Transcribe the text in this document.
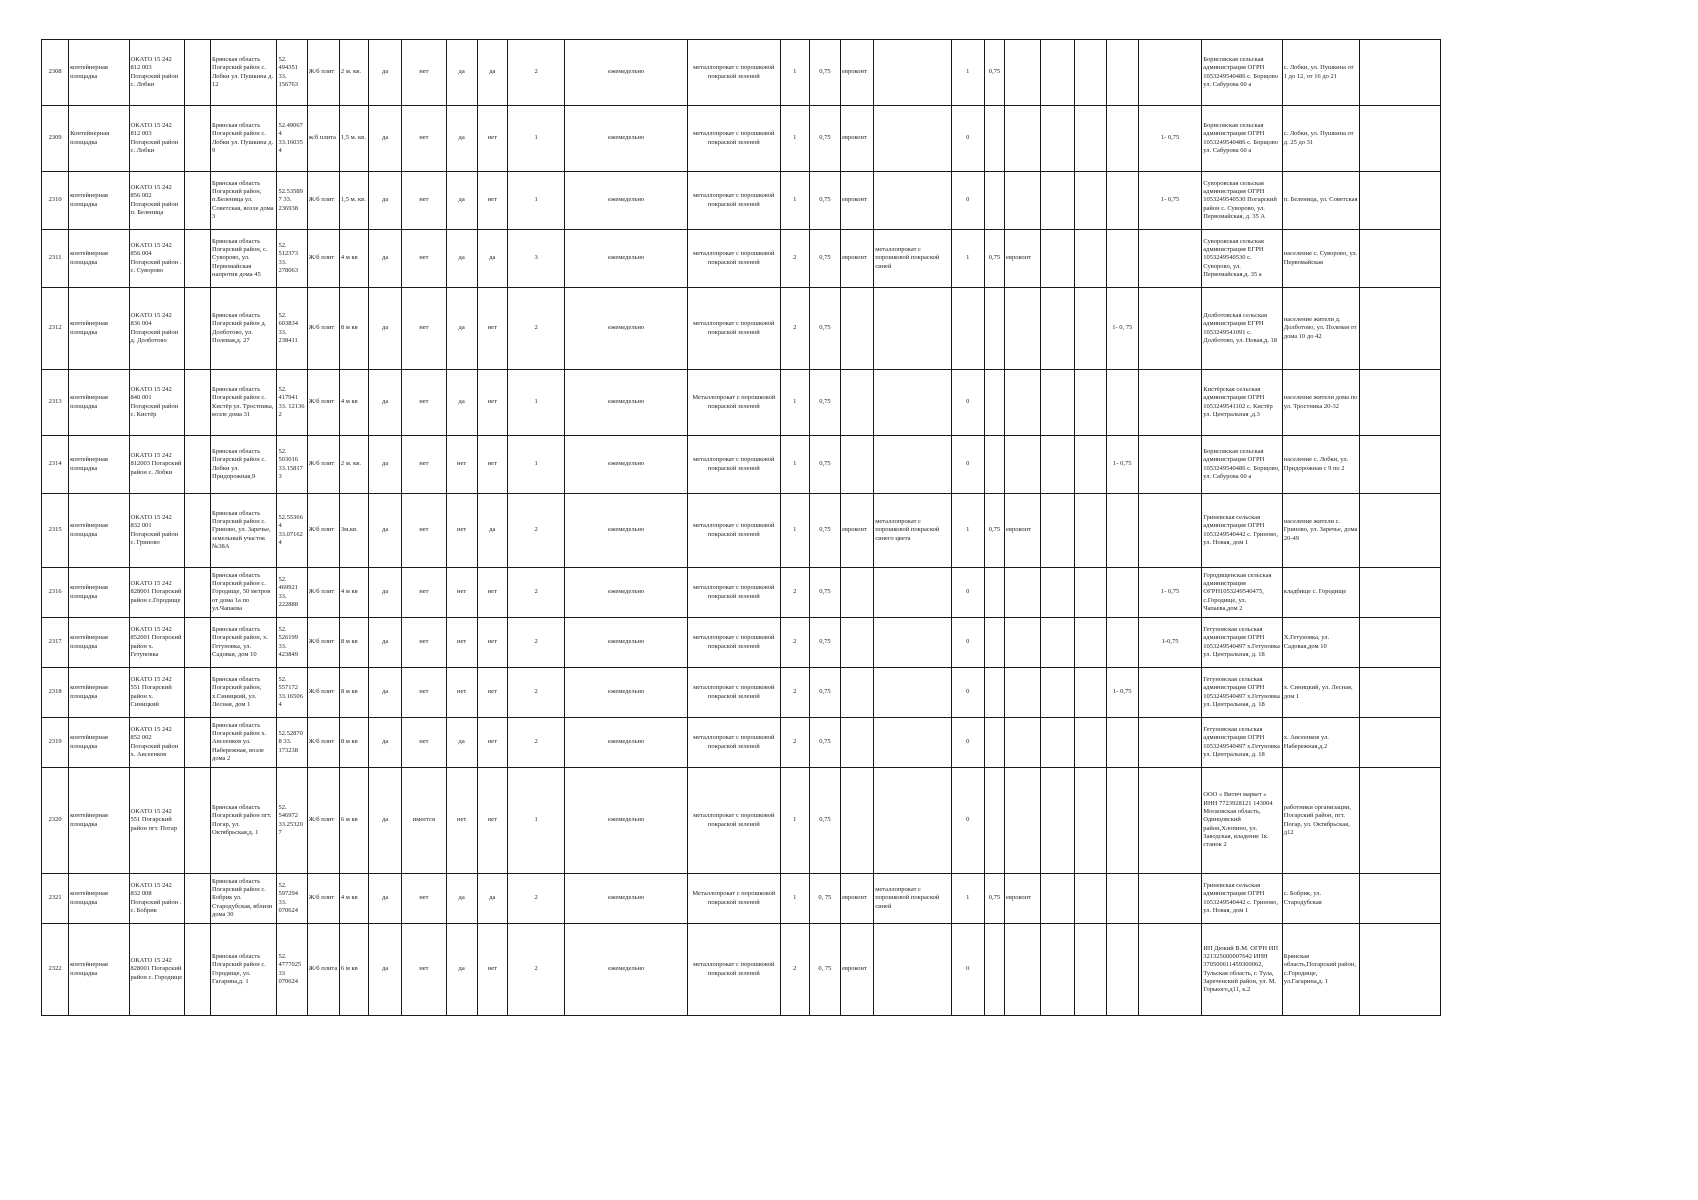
2308	контейнерная площадка	ОКАТО 15 242 812 003 Погарский район с. Лобки		Брянская область Погарский район с. Лобки ул. Пушкина д. 12	52. 494351 33. 156763	Ж/б плит	2 м. кв.	да	нет	да	да	2	ежемедельно	металлопрокат с порошковой покраской зеленой	1	0,75	евроконт		1	0,75						Борисовская сельская администрация ОГРН 1053249540486 с. Борщово ул. Сабурова 60 а	с. Лобки, ул. Пушкина от 1 до 12, от 16 до 21	
2309	Контейнерная площадка	ОКАТО 15 242 812 003 Погарский район с. Лобки		Брянская область Погарский район с. Лобки ул. Пушкина д. 9	52.49067 4 33.16035 4	ж/б плита	1,5 м. кв.	да	нет	да	нет	1	ежемедельно	металлопрокат с порошковой покраской зеленой	1	0,75	евроконт		0						1- 0,75	Борисовская сельская администрация ОГРН 1053249540486 с. Борщово ул. Сабурова 60 а	с. Лобки, ул. Пушкина от д. 25 до 31	
2310	контейнерная площадка	ОКАТО 15 242 856 002 Погарский район п. Беленица		Брянская область Погарский район, п.Беленица ул. Советская, возле дома 3	52.53589 7 33. 236938	Ж/б плит	1,5 м. кв.	да	нет	да	нет	1	ежемедельно	металлопрокат с порошковой покраской зеленой	1	0,75	евроконт		0						1- 0,75	Суворовская сельская администрация ОГРН 1053249540530 Погарский район с. Суворово, ул. Первомайская, д. 35 А	п. Беленица, ул. Советская	
2311	контейнерная площадка	ОКАТО 15 242 856 004 Погарский район . с. Суворово		Брянская область Погарский район, с. Суворово, ул. Первомайская напротив дома 45	52. 512373 33. 278063	Ж/б плит	4 м кв	да	нет	да	да	3	ежемедельно	металлопрокат с порошковой покраской зеленой	2	0,75	евроконт	металлопрокат с порошковой покраской синей	1	0,75	евроконт					Суворовская сельская администрация ЕГРН 1053249540530 с. Суворово, ул. Первомайская,д. 35 а	население с. Суворово, ул. Первомайская	
2312	контейнерная площадка	ОКАТО 15 242 836 004 Погарский район д. Долботово		Брянская область Погарский район д. Долботово, ул. Полевая,д. 27	52. 603834 33. 238411	Ж/б плит	8 м кв	да	нет	да	нет	2	ежемедельно	металлопрокат с порошковой покраской зеленой	2	0,75								1- 0, 75		Долботовская сельская администрация ЕГРН 1053249541091 с. Долботово, ул. Новая,д. 18	население жители д. Долботово, ул. Полевая от дома 10 до 42	
2313	контейнерная площадка	ОКАТО 15 242 840 001 Погарский район с. Кистёр		Брянская область Погарский район с. Кистёр ул. Тростника, возле дома 31	52. 417941 33. 12136 2	Ж/б плит	4 м кв	да	нет	да	нет	1	ежемедельно	Металлопрокат с порошковой покраской зеленой	1	0,75			0							Кистёрская сельская администрация ОГРН 1053249541102 с. Кистёр ул. Центральная ,д.3	население жители дома по ул. Тростника 20-32	
2314	контейнерная площадка	ОКАТО 15 242 812003 Погарский район с. Лобки		Брянская область Погарский район с. Лобки ул. Придорожная,9	52. 503016 33.15817 3	Ж/б плит	2 м. кв.	да	нет	нет	нет	1	ежемедельно	металлопрокат с порошковой покраской зеленой	1	0,75			0					1- 0,75		Борисовская сельская администрация ОГРН 1053249540486 с. Борщово, ул. Сабурова 60 а	население с. Лобки, ул. Придорожная с 9 по 2	
2315	контейнерная площадка	ОКАТО 15 242 832 001 Погарский район с. Гриново		Брянская область Погарский район с. Гриново, ул. Заречье, земельный участок №38А	52.55366 4 33.07162 4	Ж/б плит	3м.кв.	да	нет	нет	да	2	ежемедельно	металлопрокат с порошковой покраской зеленой	1	0,75	евроконт	металлопрокат с порошковой покраской синего цвета	1	0,75	евроконт					Гриневская сельская администрация ОГРН 1053249540442 с. Гриново, ул. Новая, дом 1	население жители с. Гриново, ул. Заречье, дома 20-49	
2316	контейнерная площадка	ОКАТО 15 242 828001 Погарский район с.Городище		Брянская область Погарский район с. Городище, 50 метров от дома 1а по ул.Чапаева	52. 469921 33. 222888	Ж/б плит	4 м кв	да	нет	нет	нет	2	ежемедельно	металлопрокат с порошковой покраской зеленой	2	0,75			0						1- 0,75	Городищенская сельская администрация ОГРН1053249540475, с.Городище, ул. Чапаева,дом 2	кладбище с. Городище	
2317	контейнерная площадка	ОКАТО 15 242 852001 Погарский район х. Гетуновка		Брянская область Погарский район, х. Гетуновка, ул. Садовая, дом 10	52. 526199 33. 423849	Ж/б плит	8 м кв	да	нет	нет	нет	2	ежемедельно	металлопрокат с порошковой покраской зеленой	2	0,75			0						1-0,75	Гетуновская сельская администрация ОГРН 1053249540497 х.Гетуновка ул. Центральная, д. 18	Х.Гетуновка, ул. Садовая,дом 10	
2318	контейнерная площадка	ОКАТО 15 242 551 Погарский район х. Синицкий		Брянская область Погарский район, х.Синицкий, ул. Лесная, дом 1	52. 557172 33.16506 4	Ж/б плит	8 м кв	да	нет	нет	нет	2	ежемедельно	металлопрокат с порошковой покраской зеленой	2	0,75			0					1- 0,75		Гетуновская сельская администрация ОГРН 1053249540497 х.Гетуновка ул. Центральная, д. 18	х. Синицкий, ул. Лесная, дом 1	
2319	контейнерная площадка	ОКАТО 15 242 852 002 Погарский район х. Авсеенков		Брянская область Погарский район х. Авсеенков ул. Набережная, возле дома 2	52.52870 8 33. 173238	Ж/б плит	8 м кв	да	нет	да	нет	2	ежемедельно	металлопрокат с порошковой покраской зеленой	2	0,75			0							Гетуновская сельская администрация ОГРН 1053249540497 х.Гетуновка ул. Центральная, д. 18	х. Авсеенков ул. Набережная,д.2	
2320	контейнерная площадка	ОКАТО 15 242 551 Погарский район пгт. Погар		Брянская область Погарский район пгт. Погар, ул. Октябрьская,д. 1	52. 546972 33.25320 7	Ж/б плит	6 м кв	да	имеется	нет	нет	1	ежемедельно	металлопрокат с порошковой покраской зеленой	1	0,75			0							ООО « Витич маркет » ИНН 7723928121 143004 Московская область, Одинцовский район,Хлопино, ул. Заводская, владение 1к. станок 2	работники организации, Погарский район, пгт. Погар, ул. Октябрьская, д12	
2321	контейнерная площадка	ОКАТО 15 242 832 008 Погарский район . с. Бобрик		Брянская область Погарский район с. Бобрик ул. Стародубская, вблизи дома 30	52. 597294 33. 070624	Ж/б плит	4 м кв	да	нет	да	да	2	ежемедельно	Металлопрокат с порошковой покраской зеленой	1	0, 75	евроконт	металлопрокат с порошковой покраской синей	1	0,75	евроконт					Гриневская сельская администрация ОГРН 1053249540442 с. Гриново, ул. Новая, дом 1	с. Бобрик, ул. Стародубская	
2322	контейнерная площадка	ОКАТО 15 242 828001 Погарский район с. Городище		Брянская область Погарский район с. Городище, ул. Гагарина,д. 1	52. 4777025 33 070624	Ж/б плита	6 м кв	да	нет	да	нет	2	ежемедельно	металлопрокат с порошковой покраской зеленой	2	0, 75	евроконт		0							ИП Дюкий В.М. ОГРН ИП 321325600007642 ИНН 370500611459300062, Тульская область, г. Тула, Зареченский район, ул. М. Горького,д11, к.2	Брянская область,Погарский район, с.Городище, ул.Гагарина,д. 1	
